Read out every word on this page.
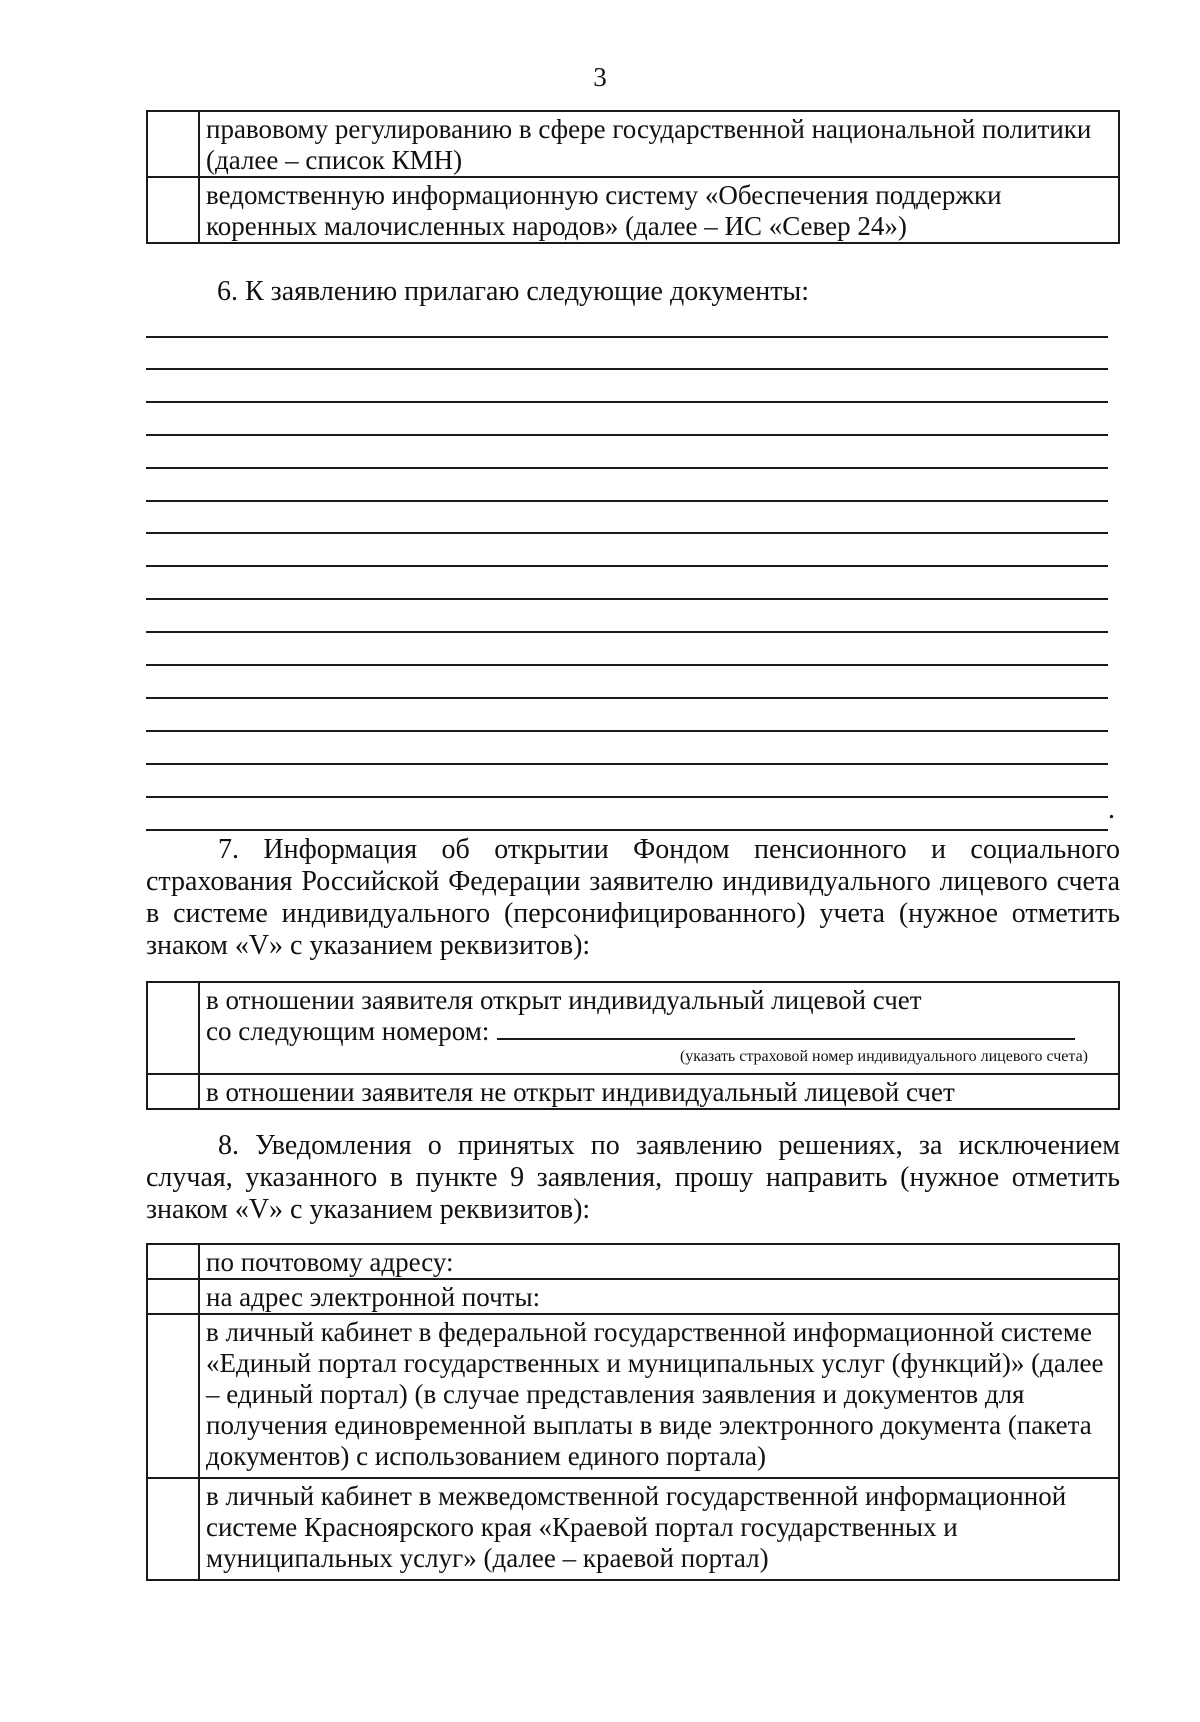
3
	правовому регулированию в сфере государственной национальной политики (далее – список КМН)
	ведомственную информационную систему «Обеспечения поддержки коренных малочисленных народов» (далее – ИС «Север 24»)
6. К заявлению прилагаю следующие документы:
.
7. Информация об открытии Фондом пенсионного и социального страхования Российской Федерации заявителю индивидуального лицевого счета в системе индивидуального (персонифицированного) учета (нужное отметить знаком «V» с указанием реквизитов):

	в отношении заявителя открыт индивидуальный лицевой счет
со следующим номером:
(указать страховой номер индивидуального лицевого счета)

	в отношении заявителя не открыт индивидуальный лицевой счет
8. Уведомления о принятых по заявлению решениях, за исключением случая, указанного в пункте 9 заявления, прошу направить (нужное отметить знаком «V» с указанием реквизитов):
	по почтовому адресу:
	на адрес электронной почты:
	в личный кабинет в федеральной государственной информационной системе «Единый портал государственных и муниципальных услуг (функций)» (далее – единый портал) (в случае представления заявления и документов для получения единовременной выплаты в виде электронного документа (пакета документов) с использованием единого портала)
	в личный кабинет в межведомственной государственной информационной системе Красноярского края «Краевой портал государственных и муниципальных услуг» (далее – краевой портал)
